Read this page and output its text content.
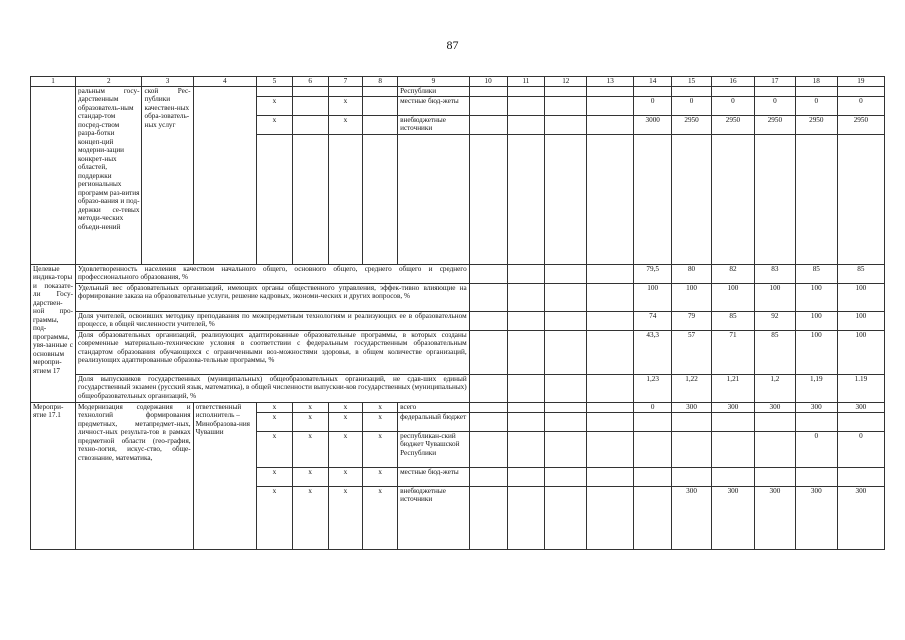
87
1	2	3	4	5	6	7	8	9	10	11	12	13	14	15	16	17	18	19
	ральным госу-дарственным образователь-ным стандар-том посред-ством разра-ботки концеп-ций модерни-зации конкрет-ных областей, поддержки региональных программ раз-вития образо-вания и под-держки се-тевых методи-ческих объеди-нений	ской Рес-публики качествен-ных обра-зователь-ных услуг						Республики										
				x		x		местные бюд-жеты					0	0	0	0	0	0
				x		x		внебюджетные источники					3000	2950	2950	2950	2950	2950

Целевые индика-торы и показате-ли Госу-дарствен-ной про-граммы, под-программы, увя-занные с основным меропри-ятием 17	Удовлетворенность населения качеством начального общего, основного общего, среднего общего и среднего профессионального образования, %												79,5	80	82	83	85	85
	Удельный вес образовательных организаций, имеющих органы общественного управления, эффек-тивно влияющие на формирование заказа на образовательные услуги, решение кадровых, экономи-ческих и других вопросов, %												100	100	100	100	100	100
	Доля учителей, освоивших методику преподавания по межпредметным технологиям и реализующих ее в образовательном процессе, в общей численности учителей, %												74	79	85	92	100	100
	Доля образовательных организаций, реализующих адаптированные образовательные программы, в которых созданы современные материально-технические условия в соответствии с федеральным государственным образовательным стандартом образования обучающихся с ограниченными воз-можностями здоровья, в общем количестве организаций, реализующих адаптированные образова-тельные программы, %												43,3	57	71	85	100	100
	Доля выпускников государственных (муниципальных) общеобразовательных организаций, не сдав-ших единый государственный экзамен (русский язык, математика), в общей численности выпускни-ков государственных (муниципальных) общеобразовательных организаций, %												1,23	1,22	1,21	1,2	1,19	1.19
Меропри-ятие 17.1	Модернизация содержания и технологий формирования предметных, метапредмет-ных, личност-ных результа-тов в рамках предметной области (гео-графия, техно-логия, искус-ство, обще-ствознание, математика,		ответственный исполнитель – Минобразова-ния Чувашии	x	x	x	x	всего					0	300	300	300	300	300
				x	x	x	x	федеральный бюджет										
				x	x	x	x	республикан-ский бюджет Чувашской Республики									0	0
				x	x	x	x	местные бюд-жеты										
				x	x	x	x	внебюджетные источники						300	300	300	300	300
